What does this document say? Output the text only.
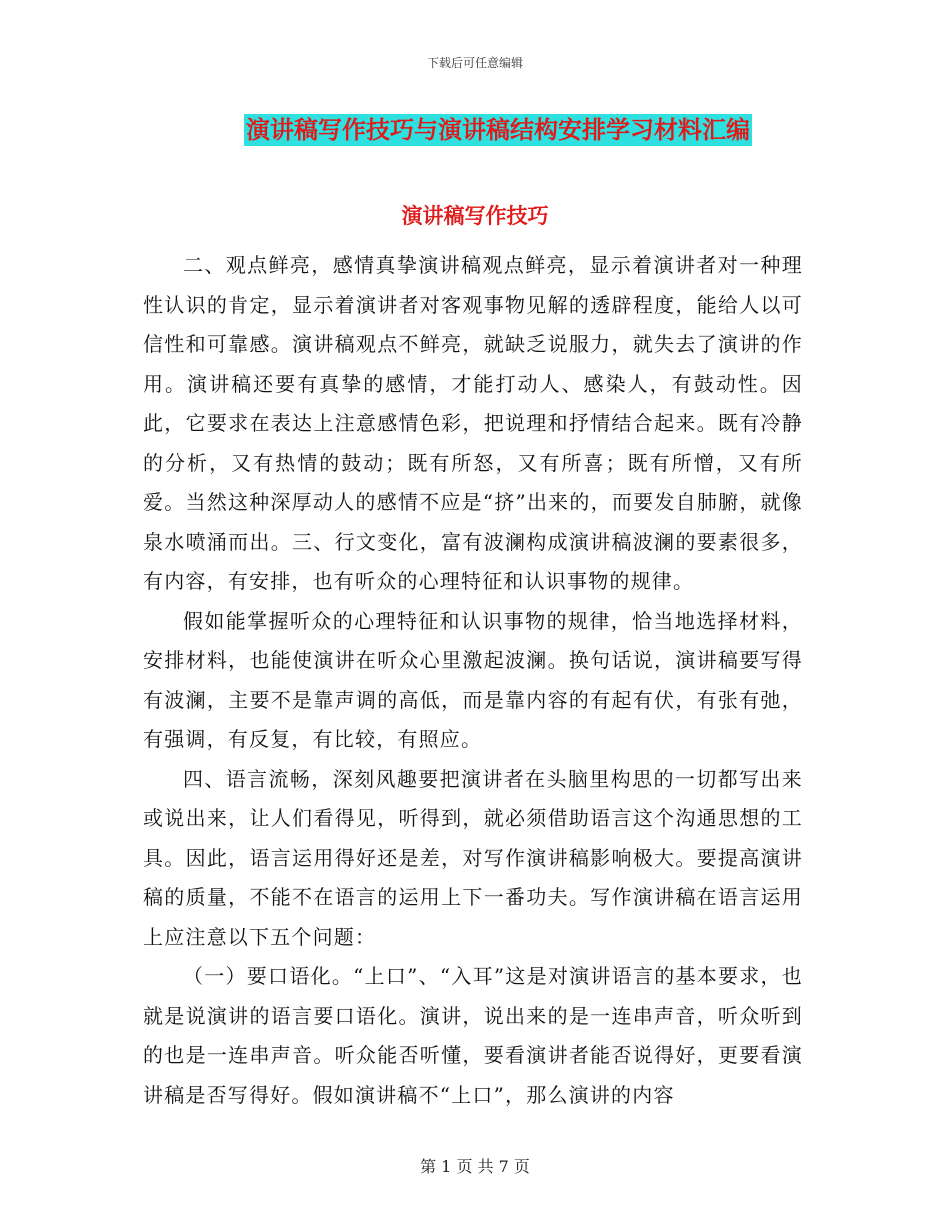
下载后可任意编辑
演讲稿写作技巧与演讲稿结构安排学习材料汇编
演讲稿写作技巧

二、观点鲜亮，感情真挚演讲稿观点鲜亮，显示着演讲者对一种理性认识的肯定，显示着演讲者对客观事物见解的透辟程度，能给人以可信性和可靠感。演讲稿观点不鲜亮，就缺乏说服力，就失去了演讲的作用。演讲稿还要有真挚的感情，才能打动人、感染人，有鼓动性。因此，它要求在表达上注意感情色彩，把说理和抒情结合起来。既有冷静的分析，又有热情的鼓动；既有所怒，又有所喜；既有所憎，又有所爱。当然这种深厚动人的感情不应是“挤”出来的，而要发自肺腑，就像泉水喷涌而出。三、行文变化，富有波澜构成演讲稿波澜的要素很多，有内容，有安排，也有听众的心理特征和认识事物的规律。

假如能掌握听众的心理特征和认识事物的规律，恰当地选择材料，安排材料，也能使演讲在听众心里激起波澜。换句话说，演讲稿要写得有波澜，主要不是靠声调的高低，而是靠内容的有起有伏，有张有弛，有强调，有反复，有比较，有照应。

四、语言流畅，深刻风趣要把演讲者在头脑里构思的一切都写出来或说出来，让人们看得见，听得到，就必须借助语言这个沟通思想的工具。因此，语言运用得好还是差，对写作演讲稿影响极大。要提高演讲稿的质量，不能不在语言的运用上下一番功夫。写作演讲稿在语言运用上应注意以下五个问题：

（一）要口语化。“上口”、“入耳”这是对演讲语言的基本要求，也就是说演讲的语言要口语化。演讲，说出来的是一连串声音，听众听到的也是一连串声音。听众能否听懂，要看演讲者能否说得好，更要看演讲稿是否写得好。假如演讲稿不“上口”，那么演讲的内容

第 1 页 共 7 页
